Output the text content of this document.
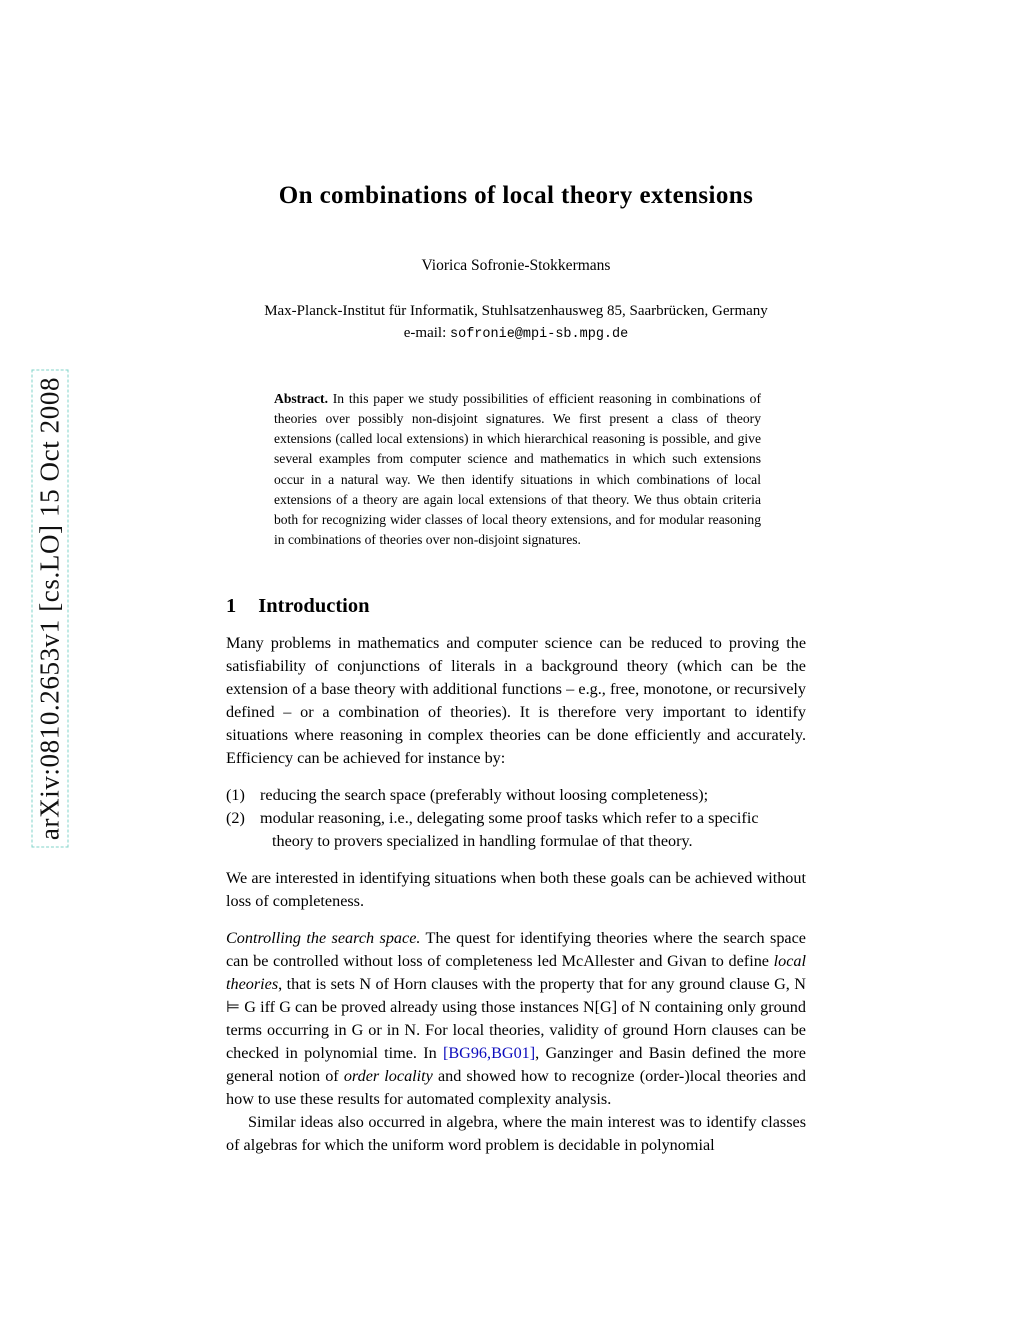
arXiv:0810.2653v1 [cs.LO] 15 Oct 2008
On combinations of local theory extensions
Viorica Sofronie-Stokkermans
Max-Planck-Institut für Informatik, Stuhlsatzenhausweg 85, Saarbrücken, Germany
e-mail: sofronie@mpi-sb.mpg.de
Abstract. In this paper we study possibilities of efficient reasoning in combinations of theories over possibly non-disjoint signatures. We first present a class of theory extensions (called local extensions) in which hierarchical reasoning is possible, and give several examples from computer science and mathematics in which such extensions occur in a natural way. We then identify situations in which combinations of local extensions of a theory are again local extensions of that theory. We thus obtain criteria both for recognizing wider classes of local theory extensions, and for modular reasoning in combinations of theories over non-disjoint signatures.
1 Introduction

Many problems in mathematics and computer science can be reduced to proving the satisfiability of conjunctions of literals in a background theory (which can be the extension of a base theory with additional functions – e.g., free, monotone, or recursively defined – or a combination of theories). It is therefore very important to identify situations where reasoning in complex theories can be done efficiently and accurately. Efficiency can be achieved for instance by:

(1) reducing the search space (preferably without loosing completeness);
(2) modular reasoning, i.e., delegating some proof tasks which refer to a specific
theory to provers specialized in handling formulae of that theory.

We are interested in identifying situations when both these goals can be achieved without loss of completeness.

Controlling the search space. The quest for identifying theories where the search space can be controlled without loss of completeness led McAllester and Givan to define local theories, that is sets N of Horn clauses with the property that for any ground clause G, N ⊨ G iff G can be proved already using those instances N[G] of N containing only ground terms occurring in G or in N. For local theories, validity of ground Horn clauses can be checked in polynomial time. In [BG96,BG01], Ganzinger and Basin defined the more general notion of order locality and showed how to recognize (order-)local theories and how to use these results for automated complexity analysis.

Similar ideas also occurred in algebra, where the main interest was to identify classes of algebras for which the uniform word problem is decidable in polynomial
